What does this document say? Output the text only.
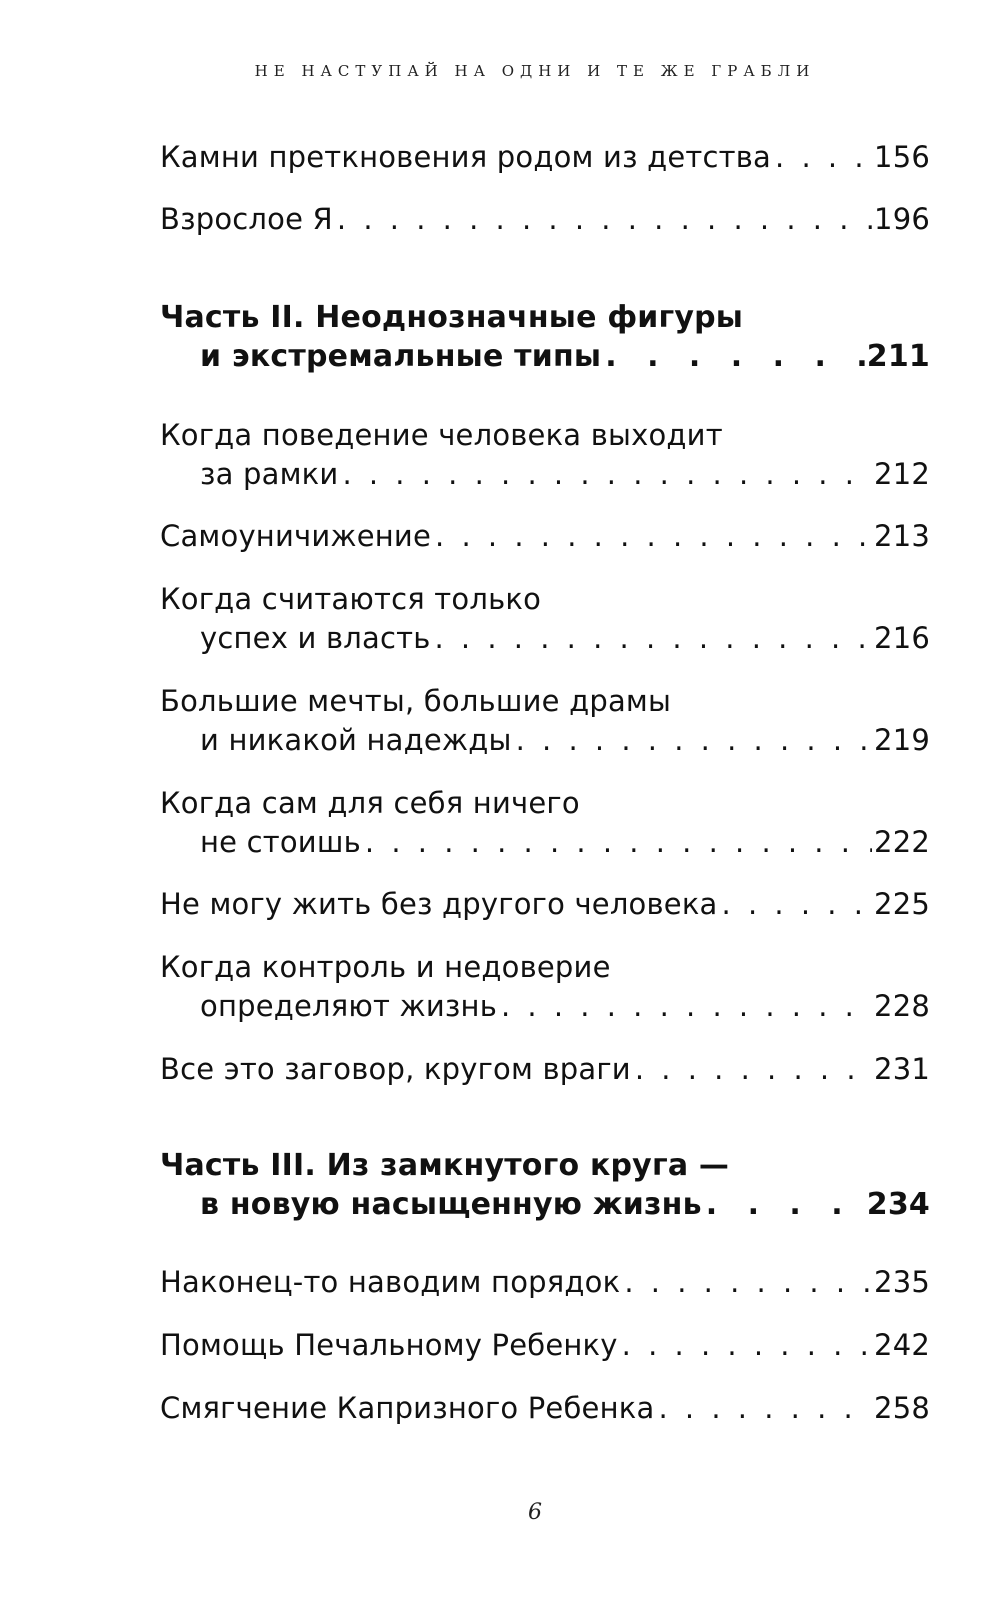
НЕ НАСТУПАЙ НА ОДНИ И ТЕ ЖЕ ГРАБЛИ
Камни преткновения родом из детства . . .	156
Взрослое Я . . .	196
Часть II. Неоднозначные фигуры
и экстремальные типы . . .	211
Когда поведение человека выходит
за рамки . . .	212
Самоуничижение . . .	213
Когда считаются только
успех и власть . . .	216
Большие мечты, большие драмы
и никакой надежды . . .	219
Когда сам для себя ничего
не стоишь . . .	222
Не могу жить без другого человека . . .	225
Когда контроль и недоверие
определяют жизнь . . .	228
Все это заговор, кругом враги . . .	231
Часть III. Из замкнутого круга —
в новую насыщенную жизнь . . .	234
Наконец-то наводим порядок . . .	235
Помощь Печальному Ребенку . . .	242
Смягчение Капризного Ребенка . . .	258
6
